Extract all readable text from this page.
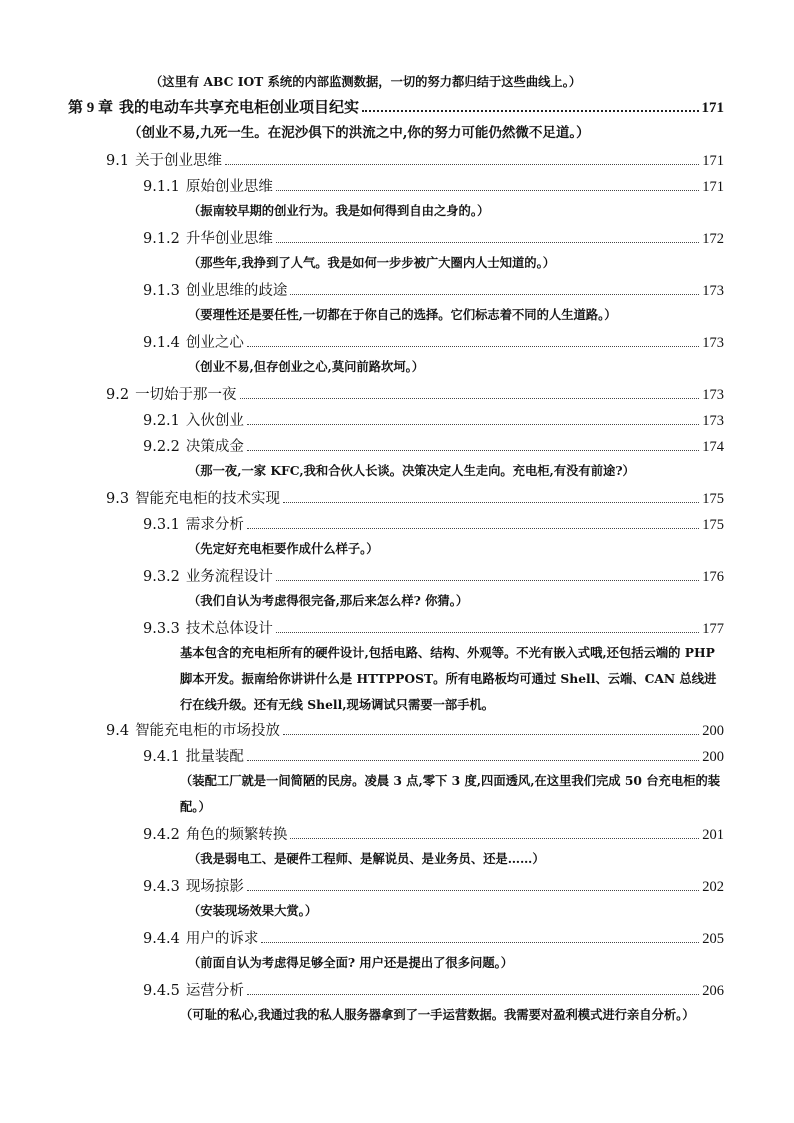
（这里有 ABC IOT 系统的内部监测数据，一切的努力都归结于这些曲线上。）
第 9 章 我的电动车共享充电柜创业项目纪实	171
（创业不易,九死一生。在泥沙俱下的洪流之中,你的努力可能仍然微不足道。）
9.1 关于创业思维	171
9.1.1 原始创业思维	171
（振南较早期的创业行为。我是如何得到自由之身的。）
9.1.2 升华创业思维	172
（那些年,我挣到了人气。我是如何一步步被广大圈内人士知道的。）
9.1.3 创业思维的歧途	173
（要理性还是要任性,一切都在于你自己的选择。它们标志着不同的人生道路。）
9.1.4 创业之心	173
（创业不易,但存创业之心,莫问前路坎坷。）
9.2 一切始于那一夜	173
9.2.1 入伙创业	173
9.2.2 决策成金	174
（那一夜,一家 KFC,我和合伙人长谈。决策决定人生走向。充电柜,有没有前途?）
9.3 智能充电柜的技术实现	175
9.3.1 需求分析	175
（先定好充电柜要作成什么样子。）
9.3.2 业务流程设计	176
（我们自认为考虑得很完备,那后来怎么样? 你猜。）
9.3.3 技术总体设计	177
基本包含的充电柜所有的硬件设计,包括电路、结构、外观等。不光有嵌入式哦,还包括云端的 PHP 脚本开发。振南给你讲讲什么是 HTTPPOST。所有电路板均可通过 Shell、云端、CAN 总线进行在线升级。还有无线 Shell,现场调试只需要一部手机。
9.4 智能充电柜的市场投放	200
9.4.1 批量装配	200
（装配工厂就是一间简陋的民房。凌晨 3 点,零下 3 度,四面透风,在这里我们完成 50 台充电柜的装配。）
9.4.2 角色的频繁转换	201
（我是弱电工、是硬件工程师、是解说员、是业务员、还是……）
9.4.3 现场掠影	202
（安装现场效果大赏。）
9.4.4 用户的诉求	205
（前面自认为考虑得足够全面? 用户还是提出了很多问题。）
9.4.5 运营分析	206
（可耻的私心,我通过我的私人服务器拿到了一手运营数据。我需要对盈利模式进行亲自分析。）
